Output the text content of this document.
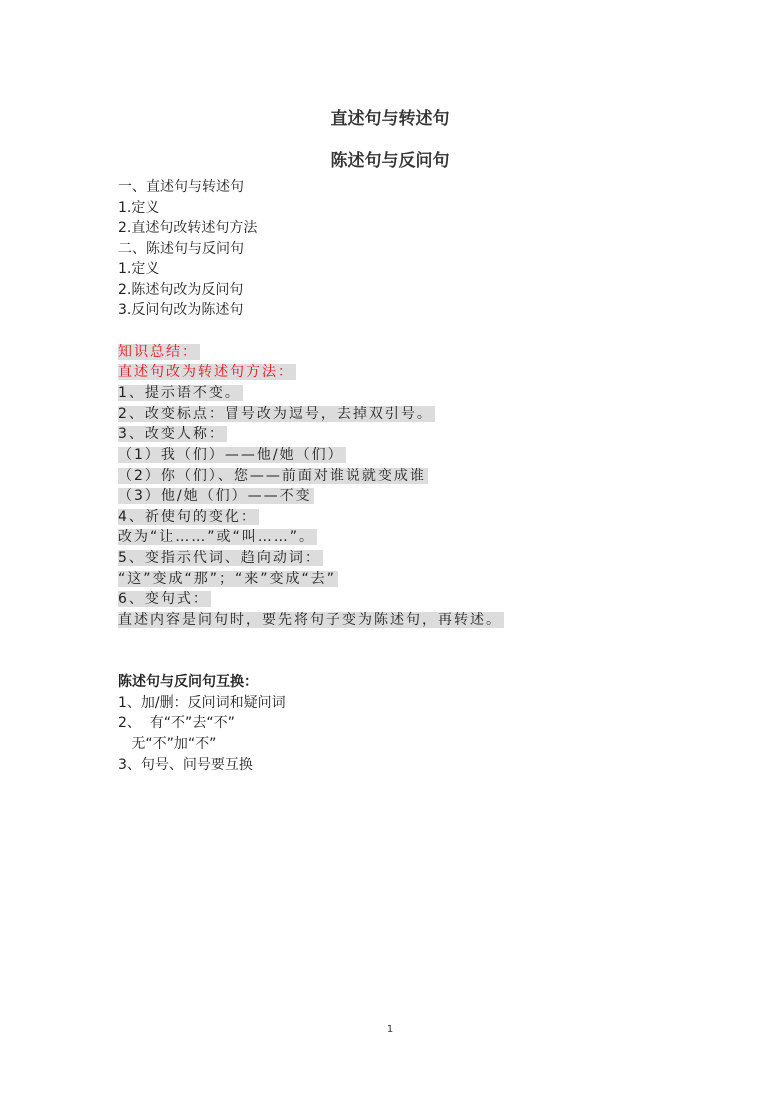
直述句与转述句
陈述句与反问句
一、直述句与转述句
1.定义
2.直述句改转述句方法
二、陈述句与反问句
1.定义
2.陈述句改为反问句
3.反问句改为陈述句
知识总结：
直述句改为转述句方法：
1、提示语不变。
2、改变标点：冒号改为逗号，去掉双引号。
3、改变人称：
（1）我（们）——他/她（们）
（2）你（们）、您——前面对谁说就变成谁
（3）他/她（们）——不变
4、祈使句的变化：
改为“让……”或“叫……”。
5、变指示代词、趋向动词：
“这”变成“那”；“来”变成“去”
6、变句式：
直述内容是问句时，要先将句子变为陈述句，再转述。
陈述句与反问句互换：
1、加/删：反问词和疑问词
2、  有“不”去“不”
无“不”加“不”
3、句号、问号要互换
1
